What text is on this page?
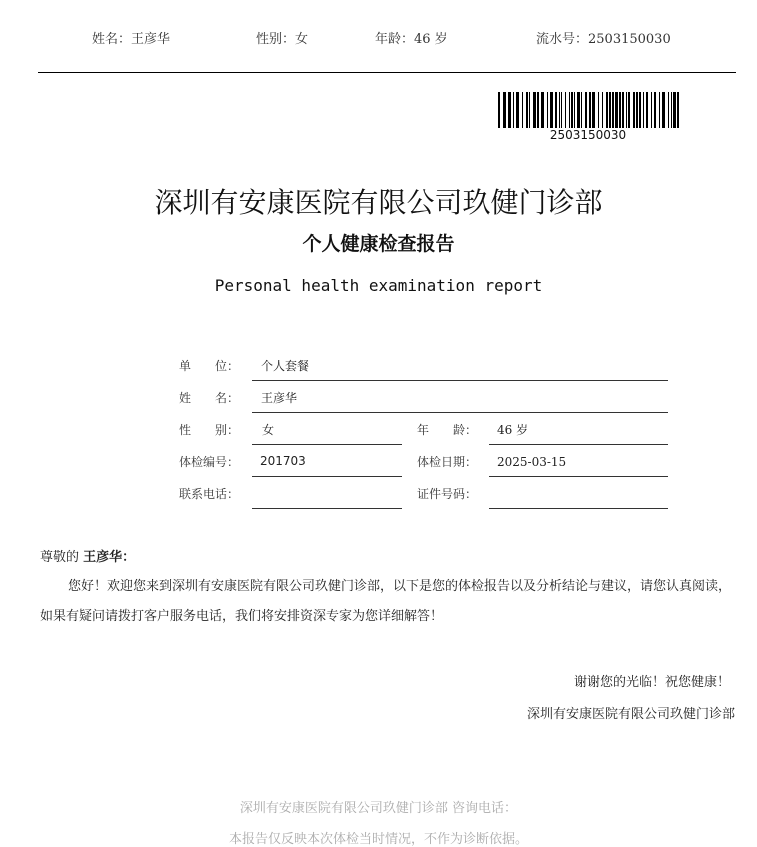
姓名：王彦华	性别：女	年龄：46 岁	流水号：2503150030
2503150030
深圳有安康医院有限公司玖健门诊部
个人健康检查报告
Personal health examination report
单　　位： 个人套餐
姓　　名： 王彦华
性　　别： 女	年　　龄： 46 岁
体检编号： 201703	体检日期： 2025-03-15
联系电话：	证件号码：
尊敬的 王彦华：
您好！欢迎您来到深圳有安康医院有限公司玖健门诊部，以下是您的体检报告以及分析结论与建议，请您认真阅读，如果有疑问请拨打客户服务电话，我们将安排资深专家为您详细解答！
谢谢您的光临！祝您健康！
深圳有安康医院有限公司玖健门诊部
深圳有安康医院有限公司玖健门诊部 咨询电话：
本报告仅反映本次体检当时情况，不作为诊断依据。
